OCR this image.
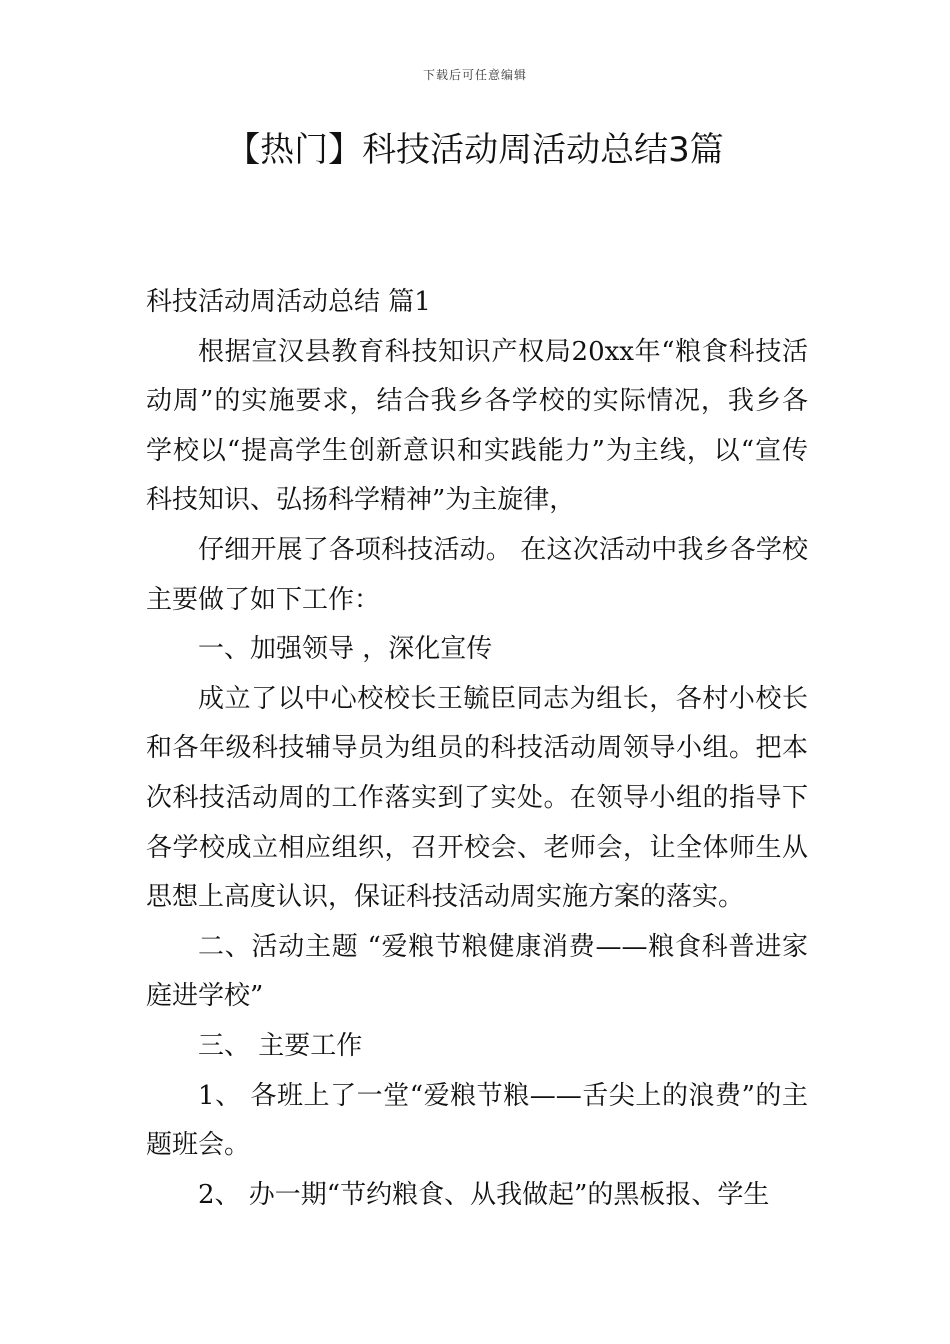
下载后可任意编辑
【热门】科技活动周活动总结3篇

科技活动周活动总结 篇1

根据宣汉县教育科技知识产权局20xx年“粮食科技活动周”的实施要求，结合我乡各学校的实际情况，我乡各学校以“提高学生创新意识和实践能力”为主线，以“宣传科技知识、弘扬科学精神”为主旋律，

仔细开展了各项科技活动。 在这次活动中我乡各学校主要做了如下工作：

一、加强领导 ，深化宣传

成立了以中心校校长王毓臣同志为组长，各村小校长和各年级科技辅导员为组员的科技活动周领导小组。把本次科技活动周的工作落实到了实处。在领导小组的指导下各学校成立相应组织，召开校会、老师会，让全体师生从思想上高度认识，保证科技活动周实施方案的落实。

二、活动主题 “爱粮节粮健康消费——粮食科普进家庭进学校”

三、 主要工作

1、 各班上了一堂“爱粮节粮——舌尖上的浪费”的主题班会。

2、 办一期“节约粮食、从我做起”的黑板报、学生
